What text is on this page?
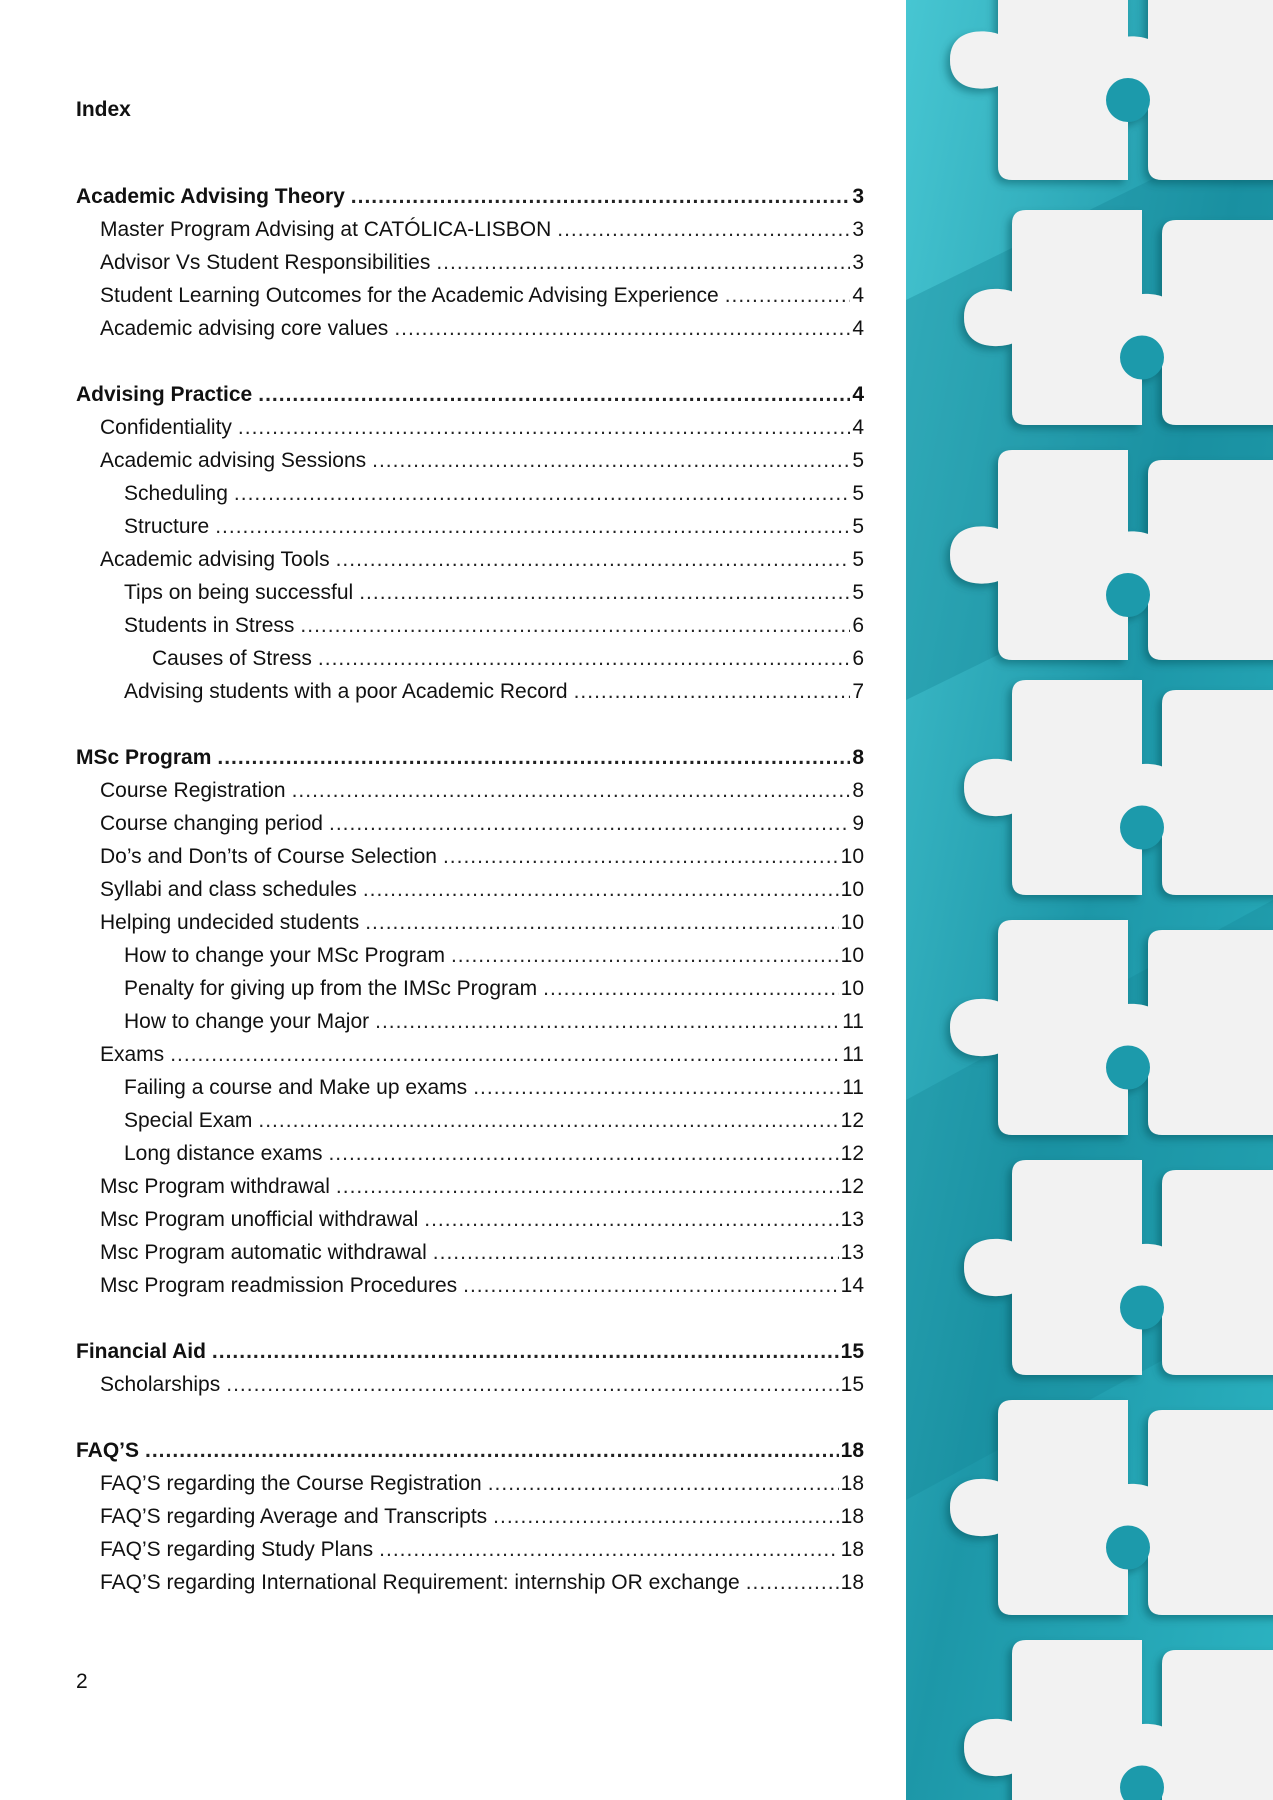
Index
Academic Advising Theory .....	3
Master Program Advising at CATÓLICA-LISBON .....	3
Advisor Vs Student Responsibilities .....	3
Student Learning Outcomes for the Academic Advising Experience .....	4
Academic advising core values .....	4
Advising Practice .....	4
Confidentiality .....	4
Academic advising Sessions .....	5
Scheduling .....	5
Structure .....	5
Academic advising Tools .....	5
Tips on being successful .....	5
Students in Stress .....	6
Causes of Stress .....	6
Advising students with a poor Academic Record .....	7
MSc Program .....	8
Course Registration .....	8
Course changing period .....	9
Do’s and Don’ts of Course Selection .....	10
Syllabi and class schedules .....	10
Helping undecided students .....	10
How to change your MSc Program .....	10
Penalty for giving up from the IMSc Program .....	10
How to change your Major .....	11
Exams .....	11
Failing a course and Make up exams .....	11
Special Exam .....	12
Long distance exams .....	12
Msc Program withdrawal .....	12
Msc Program unofficial withdrawal .....	13
Msc Program automatic withdrawal .....	13
Msc Program readmission Procedures .....	14
Financial Aid .....	15
Scholarships .....	15
FAQ’S .....	18
FAQ’S regarding the Course Registration .....	18
FAQ’S regarding Average and Transcripts .....	18
FAQ’S regarding Study Plans .....	18
FAQ’S regarding International Requirement: internship OR exchange .....	18
2
